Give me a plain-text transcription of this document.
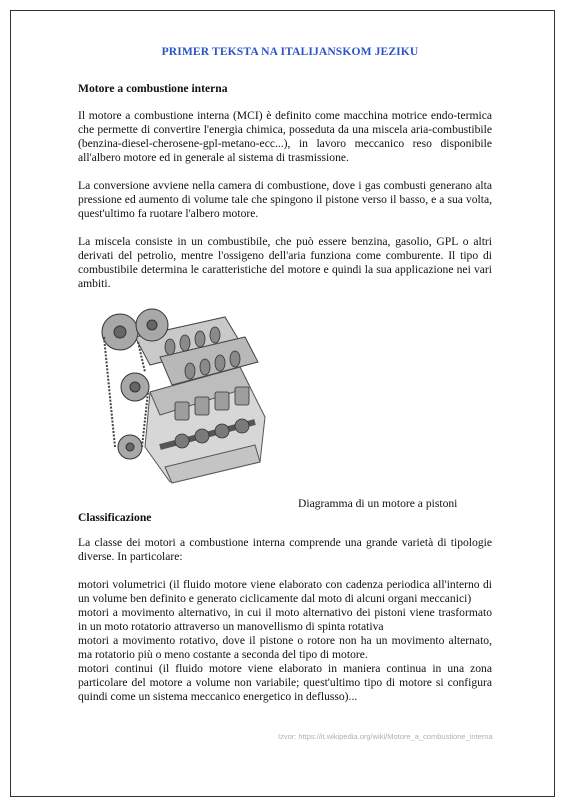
PRIMER TEKSTA NA ITALIJANSKOM JEZIKU
Motore a combustione interna

Il motore a combustione interna (MCI) è definito come macchina motrice endo-termica che permette di convertire l'energia chimica, posseduta da una miscela aria-combustibile (benzina-diesel-cherosene-gpl-metano-ecc...), in lavoro meccanico reso disponibile all'albero motore ed in generale al sistema di trasmissione.

La conversione avviene nella camera di combustione, dove i gas combusti generano alta pressione ed aumento di volume tale che spingono il pistone verso il basso, e a sua volta, quest'ultimo fa ruotare l'albero motore.

La miscela consiste in un combustibile, che può essere benzina, gasolio, GPL o altri derivati del petrolio, mentre l'ossigeno dell'aria funziona come comburente. Il tipo di combustibile determina le caratteristiche del motore e quindi la sua applicazione nei vari ambiti.

Diagramma di un motore a pistoni
Classificazione

La classe dei motori a combustione interna comprende una grande varietà di tipologie diverse. In particolare:

motori volumetrici (il fluido motore viene elaborato con cadenza periodica all'interno di un volume ben definito e generato ciclicamente dal moto di alcuni organi meccanici)

motori a movimento alternativo, in cui il moto alternativo dei pistoni viene trasformato in un moto rotatorio attraverso un manovellismo di spinta rotativa

motori a movimento rotativo, dove il pistone o rotore non ha un movimento alternato, ma rotatorio più o meno costante a seconda del tipo di motore.

motori continui (il fluido motore viene elaborato in maniera continua in una zona particolare del motore a volume non variabile; quest'ultimo tipo di motore si configura quindi come un sistema meccanico energetico in deflusso)...

Izvor: https://it.wikipedia.org/wiki/Motore_a_combustione_interna
